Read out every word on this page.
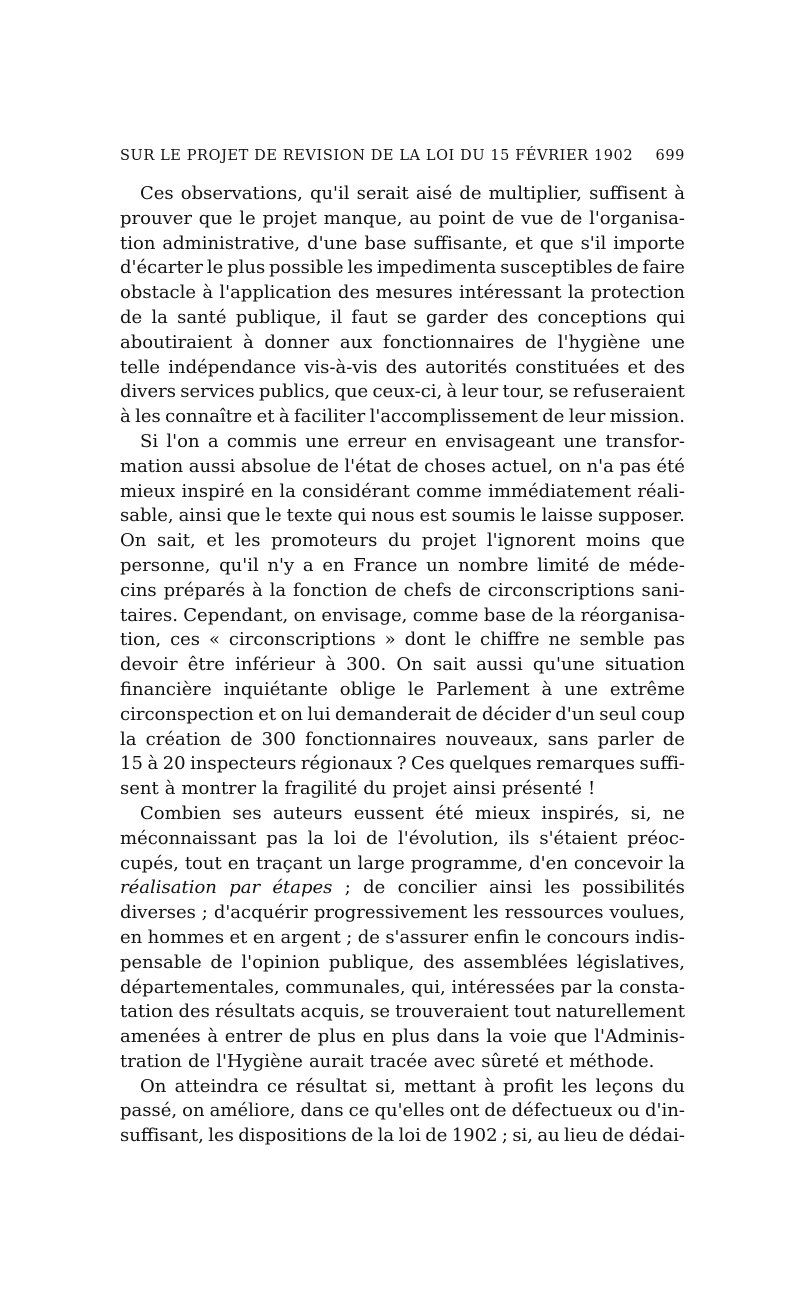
SUR LE PROJET DE REVISION DE LA LOI DU 15 FÉVRIER 1902 699
Ces observations, qu'il serait aisé de multiplier, suffisent à
prouver que le projet manque, au point de vue de l'organisa-
tion administrative, d'une base suffisante, et que s'il importe
d'écarter le plus possible les impedimenta susceptibles de faire
obstacle à l'application des mesures intéressant la protection
de la santé publique, il faut se garder des conceptions qui
aboutiraient à donner aux fonctionnaires de l'hygiène une
telle indépendance vis-à-vis des autorités constituées et des
divers services publics, que ceux-ci, à leur tour, se refuseraient
à les connaître et à faciliter l'accomplissement de leur mission.
Si l'on a commis une erreur en envisageant une transfor-
mation aussi absolue de l'état de choses actuel, on n'a pas été
mieux inspiré en la considérant comme immédiatement réali-
sable, ainsi que le texte qui nous est soumis le laisse supposer.
On sait, et les promoteurs du projet l'ignorent moins que
personne, qu'il n'y a en France un nombre limité de méde-
cins préparés à la fonction de chefs de circonscriptions sani-
taires. Cependant, on envisage, comme base de la réorganisa-
tion, ces « circonscriptions » dont le chiffre ne semble pas
devoir être inférieur à 300. On sait aussi qu'une situation
financière inquiétante oblige le Parlement à une extrême
circonspection et on lui demanderait de décider d'un seul coup
la création de 300 fonctionnaires nouveaux, sans parler de
15 à 20 inspecteurs régionaux ? Ces quelques remarques suffi-
sent à montrer la fragilité du projet ainsi présenté !
Combien ses auteurs eussent été mieux inspirés, si, ne
méconnaissant pas la loi de l'évolution, ils s'étaient préoc-
cupés, tout en traçant un large programme, d'en concevoir la
réalisation par étapes ; de concilier ainsi les possibilités
diverses ; d'acquérir progressivement les ressources voulues,
en hommes et en argent ; de s'assurer enfin le concours indis-
pensable de l'opinion publique, des assemblées législatives,
départementales, communales, qui, intéressées par la consta-
tation des résultats acquis, se trouveraient tout naturellement
amenées à entrer de plus en plus dans la voie que l'Adminis-
tration de l'Hygiène aurait tracée avec sûreté et méthode.
On atteindra ce résultat si, mettant à profit les leçons du
passé, on améliore, dans ce qu'elles ont de défectueux ou d'in-
suffisant, les dispositions de la loi de 1902 ; si, au lieu de dédai-
